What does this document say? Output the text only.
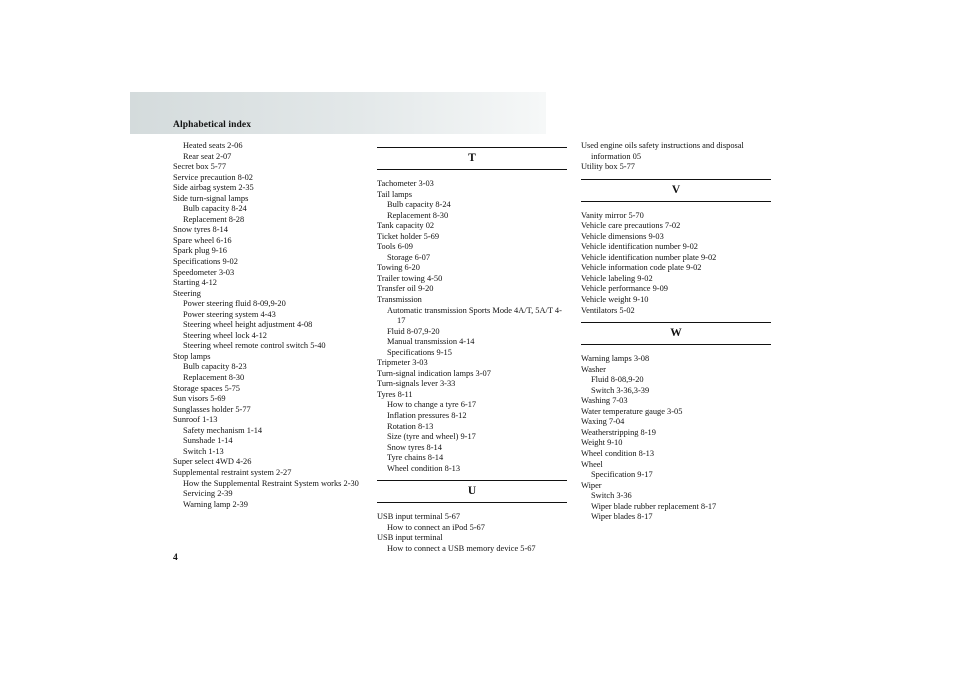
Alphabetical index
Heated seats 2-06
Rear seat 2-07
Secret box 5-77
Service precaution 8-02
Side airbag system 2-35
Side turn-signal lamps
Bulb capacity 8-24
Replacement 8-28
Snow tyres 8-14
Spare wheel 6-16
Spark plug 9-16
Specifications 9-02
Speedometer 3-03
Starting 4-12
Steering
Power steering fluid 8-09,9-20
Power steering system 4-43
Steering wheel height adjustment 4-08
Steering wheel lock 4-12
Steering wheel remote control switch 5-40
Stop lamps
Bulb capacity 8-23
Replacement 8-30
Storage spaces 5-75
Sun visors 5-69
Sunglasses holder 5-77
Sunroof 1-13
Safety mechanism 1-14
Sunshade 1-14
Switch 1-13
Super select 4WD 4-26
Supplemental restraint system 2-27
How the Supplemental Restraint System works 2-30
Servicing 2-39
Warning lamp 2-39
T
Tachometer 3-03
Tail lamps
Bulb capacity 8-24
Replacement 8-30
Tank capacity 02
Ticket holder 5-69
Tools 6-09
Storage 6-07
Towing 6-20
Trailer towing 4-50
Transfer oil 9-20
Transmission
Automatic transmission Sports Mode 4A/T, 5A/T 4-17
Fluid 8-07,9-20
Manual transmission 4-14
Specifications 9-15
Tripmeter 3-03
Turn-signal indication lamps 3-07
Turn-signals lever 3-33
Tyres 8-11
How to change a tyre 6-17
Inflation pressures 8-12
Rotation 8-13
Size (tyre and wheel) 9-17
Snow tyres 8-14
Tyre chains 8-14
Wheel condition 8-13
U
USB input terminal 5-67
How to connect an iPod 5-67
USB input terminal
How to connect a USB memory device 5-67
Used engine oils safety instructions and disposal information 05
Utility box 5-77
V
Vanity mirror 5-70
Vehicle care precautions 7-02
Vehicle dimensions 9-03
Vehicle identification number 9-02
Vehicle identification number plate 9-02
Vehicle information code plate 9-02
Vehicle labeling 9-02
Vehicle performance 9-09
Vehicle weight 9-10
Ventilators 5-02
W
Warning lamps 3-08
Washer
Fluid 8-08,9-20
Switch 3-36,3-39
Washing 7-03
Water temperature gauge 3-05
Waxing 7-04
Weatherstripping 8-19
Weight 9-10
Wheel condition 8-13
Wheel
Specification 9-17
Wiper
Switch 3-36
Wiper blade rubber replacement 8-17
Wiper blades 8-17
4
